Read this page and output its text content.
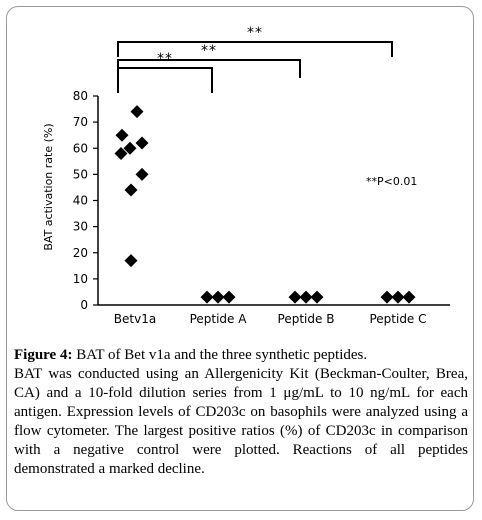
0
10
20
30
40
50
60
70
80
Betv1a	Peptide A	Peptide B	Peptide C
** **
**
BAT activation rate (%)	**P<0.01
Figure 4: BAT of Bet v1a and the three synthetic peptides.
BAT was conducted using an Allergenicity Kit (Beckman-Coulter, Brea, CA) and a 10-fold dilution series from 1 μg/mL to 10 ng/mL for each antigen. Expression levels of CD203c on basophils were analyzed using a flow cytometer. The largest positive ratios (%) of CD203c in comparison with a negative control were plotted. Reactions of all peptides demonstrated a marked decline.
